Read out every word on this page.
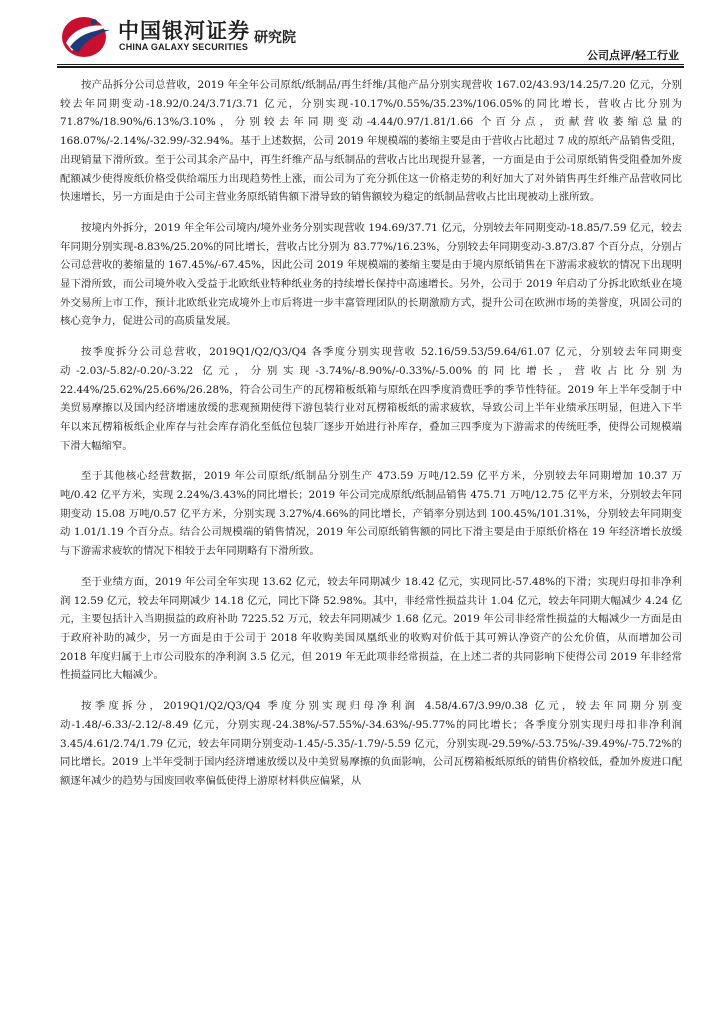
中国银河证券
CHINA GALAXY SECURITIES
研究院
公司点评/轻工行业

按产品拆分公司总营收，2019 年全年公司原纸/纸制品/再生纤维/其他产品分别实现营收 167.02/43.93/14.25/7.20 亿元，分别较去年同期变动-18.92/0.24/3.71/3.71 亿元，分别实现-10.17%/0.55%/35.23%/106.05%的同比增长，营收占比分别为 71.87%/18.90%/6.13%/3.10%，分别较去年同期变动-4.44/0.97/1.81/1.66 个百分点，贡献营收萎缩总量的 168.07%/-2.14%/-32.99/-32.94%。基于上述数据，公司 2019 年规模端的萎缩主要是由于营收占比超过 7 成的原纸产品销售受阻，出现销量下滑所致。至于公司其余产品中，再生纤维产品与纸制品的营收占比出现提升显著，一方面是由于公司原纸销售受阻叠加外废配额减少使得废纸价格受供给端压力出现趋势性上涨，而公司为了充分抓住这一价格走势的利好加大了对外销售再生纤维产品营收同比快速增长，另一方面是由于公司主营业务原纸销售额下滑导致的销售额较为稳定的纸制品营收占比出现被动上涨所致。

按境内外拆分，2019 年全年公司境内/境外业务分别实现营收 194.69/37.71 亿元，分别较去年同期变动-18.85/7.59 亿元，较去年同期分别实现-8.83%/25.20%的同比增长，营收占比分别为 83.77%/16.23%，分别较去年同期变动-3.87/3.87 个百分点，分别占公司总营收的萎缩量的 167.45%/-67.45%，因此公司 2019 年规模端的萎缩主要是由于境内原纸销售在下游需求疲软的情况下出现明显下滑所致，而公司境外收入受益于北欧纸业特种纸业务的持续增长保持中高速增长。另外，公司于 2019 年启动了分拆北欧纸业在境外交易所上市工作，预计北欧纸业完成境外上市后将进一步丰富管理团队的长期激励方式，提升公司在欧洲市场的美誉度，巩固公司的核心竞争力，促进公司的高质量发展。

按季度拆分公司总营收，2019Q1/Q2/Q3/Q4 各季度分别实现营收 52.16/59.53/59.64/61.07 亿元，分别较去年同期变动-2.03/-5.82/-0.20/-3.22 亿元，分别实现-3.74%/-8.90%/-0.33%/-5.00%的同比增长，营收占比分别为 22.44%/25.62%/25.66%/26.28%，符合公司生产的瓦楞箱板纸箱与原纸在四季度消费旺季的季节性特征。2019 年上半年受制于中美贸易摩擦以及国内经济增速放缓的悲观预期使得下游包装行业对瓦楞箱板纸的需求疲软，导致公司上半年业绩承压明显，但进入下半年以来瓦楞箱板纸企业库存与社会库存消化至低位包装厂逐步开始进行补库存，叠加三四季度为下游需求的传统旺季，使得公司规模端下滑大幅缩窄。

至于其他核心经营数据，2019 年公司原纸/纸制品分别生产 473.59 万吨/12.59 亿平方米，分别较去年同期增加 10.37 万吨/0.42 亿平方米，实现 2.24%/3.43%的同比增长；2019 年公司完成原纸/纸制品销售 475.71 万吨/12.75 亿平方米，分别较去年同期变动 15.08 万吨/0.57 亿平方米，分别实现 3.27%/4.66%的同比增长，产销率分别达到 100.45%/101.31%，分别较去年同期变动 1.01/1.19 个百分点。结合公司规模端的销售情况，2019 年公司原纸销售额的同比下滑主要是由于原纸价格在 19 年经济增长放缓与下游需求疲软的情况下相较于去年同期略有下滑所致。

至于业绩方面，2019 年公司全年实现 13.62 亿元，较去年同期减少 18.42 亿元，实现同比-57.48%的下滑；实现归母扣非净利润 12.59 亿元，较去年同期减少 14.18 亿元，同比下降 52.98%。其中，非经常性损益共计 1.04 亿元，较去年同期大幅减少 4.24 亿元，主要包括计入当期损益的政府补助 7225.52 万元，较去年同期减少 1.68 亿元。2019 年公司非经常性损益的大幅减少一方面是由于政府补助的减少，另一方面是由于公司于 2018 年收购美国凤凰纸业的收购对价低于其可辨认净资产的公允价值，从而增加公司 2018 年度归属于上市公司股东的净利润 3.5 亿元，但 2019 年无此项非经常损益，在上述二者的共同影响下使得公司 2019 年非经常性损益同比大幅减少。

按季度拆分，2019Q1/Q2/Q3/Q4 季度分别实现归母净利润 4.58/4.67/3.99/0.38 亿元，较去年同期分别变动-1.48/-6.33/-2.12/-8.49 亿元，分别实现-24.38%/-57.55%/-34.63%/-95.77%的同比增长；各季度分别实现归母扣非净利润 3.45/4.61/2.74/1.79 亿元，较去年同期分别变动-1.45/-5.35/-1.79/-5.59 亿元，分别实现-29.59%/-53.75%/-39.49%/-75.72%的同比增长。2019 上半年受制于国内经济增速放缓以及中美贸易摩擦的负面影响，公司瓦楞箱板纸原纸的销售价格较低，叠加外废进口配额逐年减少的趋势与国废回收率偏低使得上游原材料供应偏紧，从
